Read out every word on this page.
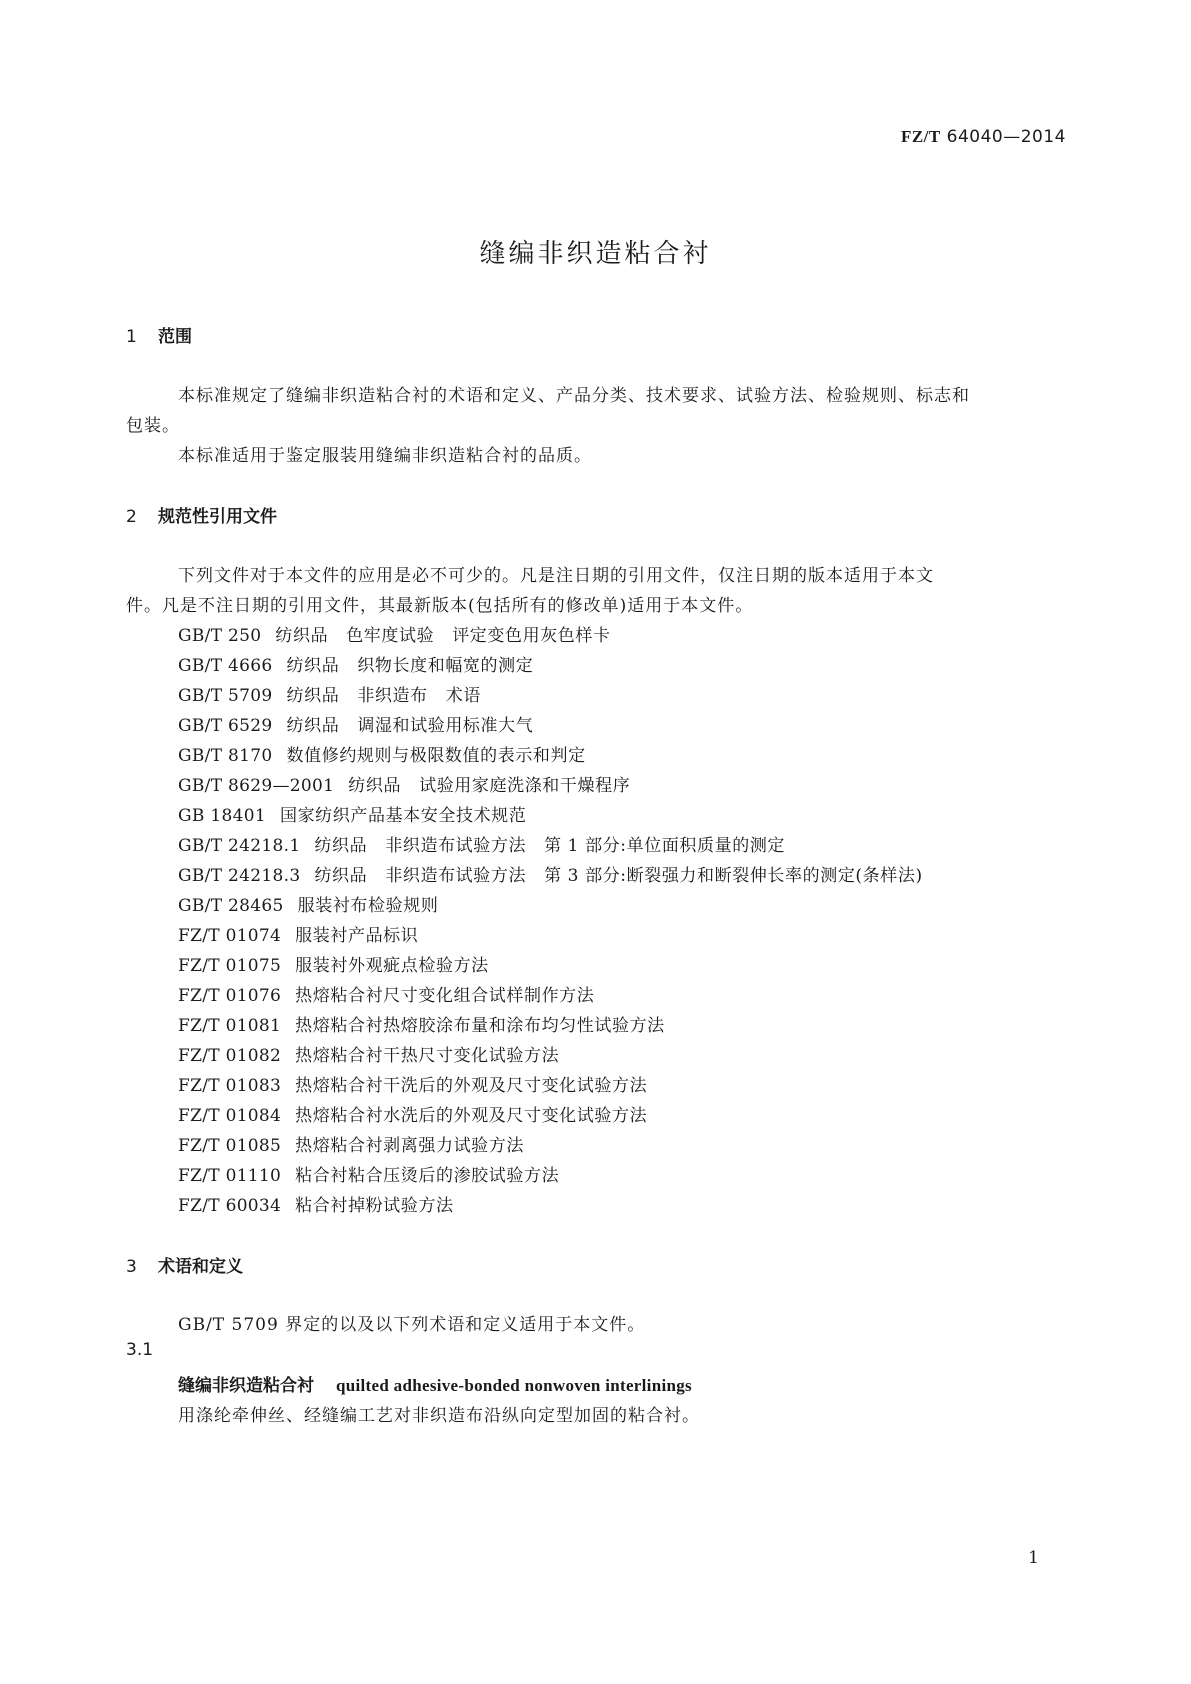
FZ/T 64040—2014
缝编非织造粘合衬
1 范围
本标准规定了缝编非织造粘合衬的术语和定义、产品分类、技术要求、试验方法、检验规则、标志和
包装。
本标准适用于鉴定服装用缝编非织造粘合衬的品质。
2 规范性引用文件
下列文件对于本文件的应用是必不可少的。凡是注日期的引用文件，仅注日期的版本适用于本文
件。凡是不注日期的引用文件，其最新版本(包括所有的修改单)适用于本文件。
GB/T 250 纺织品 色牢度试验 评定变色用灰色样卡
GB/T 4666 纺织品 织物长度和幅宽的测定
GB/T 5709 纺织品 非织造布 术语
GB/T 6529 纺织品 调湿和试验用标准大气
GB/T 8170 数值修约规则与极限数值的表示和判定
GB/T 8629—2001 纺织品 试验用家庭洗涤和干燥程序
GB 18401 国家纺织产品基本安全技术规范
GB/T 24218.1 纺织品 非织造布试验方法 第 1 部分:单位面积质量的测定
GB/T 24218.3 纺织品 非织造布试验方法 第 3 部分:断裂强力和断裂伸长率的测定(条样法)
GB/T 28465 服装衬布检验规则
FZ/T 01074 服装衬产品标识
FZ/T 01075 服装衬外观疵点检验方法
FZ/T 01076 热熔粘合衬尺寸变化组合试样制作方法
FZ/T 01081 热熔粘合衬热熔胶涂布量和涂布均匀性试验方法
FZ/T 01082 热熔粘合衬干热尺寸变化试验方法
FZ/T 01083 热熔粘合衬干洗后的外观及尺寸变化试验方法
FZ/T 01084 热熔粘合衬水洗后的外观及尺寸变化试验方法
FZ/T 01085 热熔粘合衬剥离强力试验方法
FZ/T 01110 粘合衬粘合压烫后的渗胶试验方法
FZ/T 60034 粘合衬掉粉试验方法
3 术语和定义
GB/T 5709 界定的以及以下列术语和定义适用于本文件。
3.1
缝编非织造粘合衬 quilted adhesive-bonded nonwoven interlinings
用涤纶牵伸丝、经缝编工艺对非织造布沿纵向定型加固的粘合衬。
1
